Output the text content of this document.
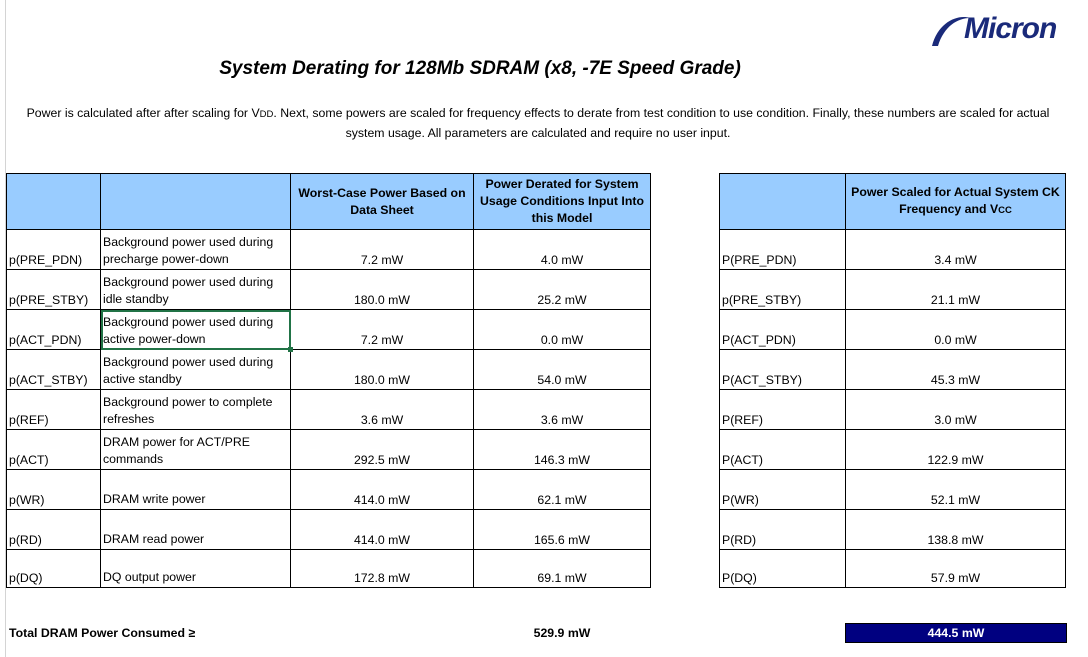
Micron
System Derating for 128Mb SDRAM (x8, -7E Speed Grade)
Power is calculated after after scaling for VDD. Next, some powers are scaled for frequency effects to derate from test condition to use condition. Finally, these numbers are scaled for actual system usage. All parameters are calculated and require no user input.
		Worst-Case Power Based on Data Sheet	Power Derated for System Usage Conditions Input Into this Model
p(PRE_PDN)	Background power used during precharge power-down	7.2 mW	4.0 mW
p(PRE_STBY)	Background power used during idle standby	180.0 mW	25.2 mW
p(ACT_PDN)	Background power used during active power-down	7.2 mW	0.0 mW
p(ACT_STBY)	Background power used during active standby	180.0 mW	54.0 mW
p(REF)	Background power to complete refreshes	3.6 mW	3.6 mW
p(ACT)	DRAM power for ACT/PRE commands	292.5 mW	146.3 mW
p(WR)	DRAM write power	414.0 mW	62.1 mW
p(RD)	DRAM read power	414.0 mW	165.6 mW
p(DQ)	DQ output power	172.8 mW	69.1 mW
	Power Scaled for Actual System CK Frequency and VCC
P(PRE_PDN)	3.4 mW
p(PRE_STBY)	21.1 mW
P(ACT_PDN)	0.0 mW
P(ACT_STBY)	45.3 mW
P(REF)	3.0 mW
P(ACT)	122.9 mW
P(WR)	52.1 mW
P(RD)	138.8 mW
P(DQ)	57.9 mW
Total DRAM Power Consumed ≥	529.9 mW	444.5 mW
